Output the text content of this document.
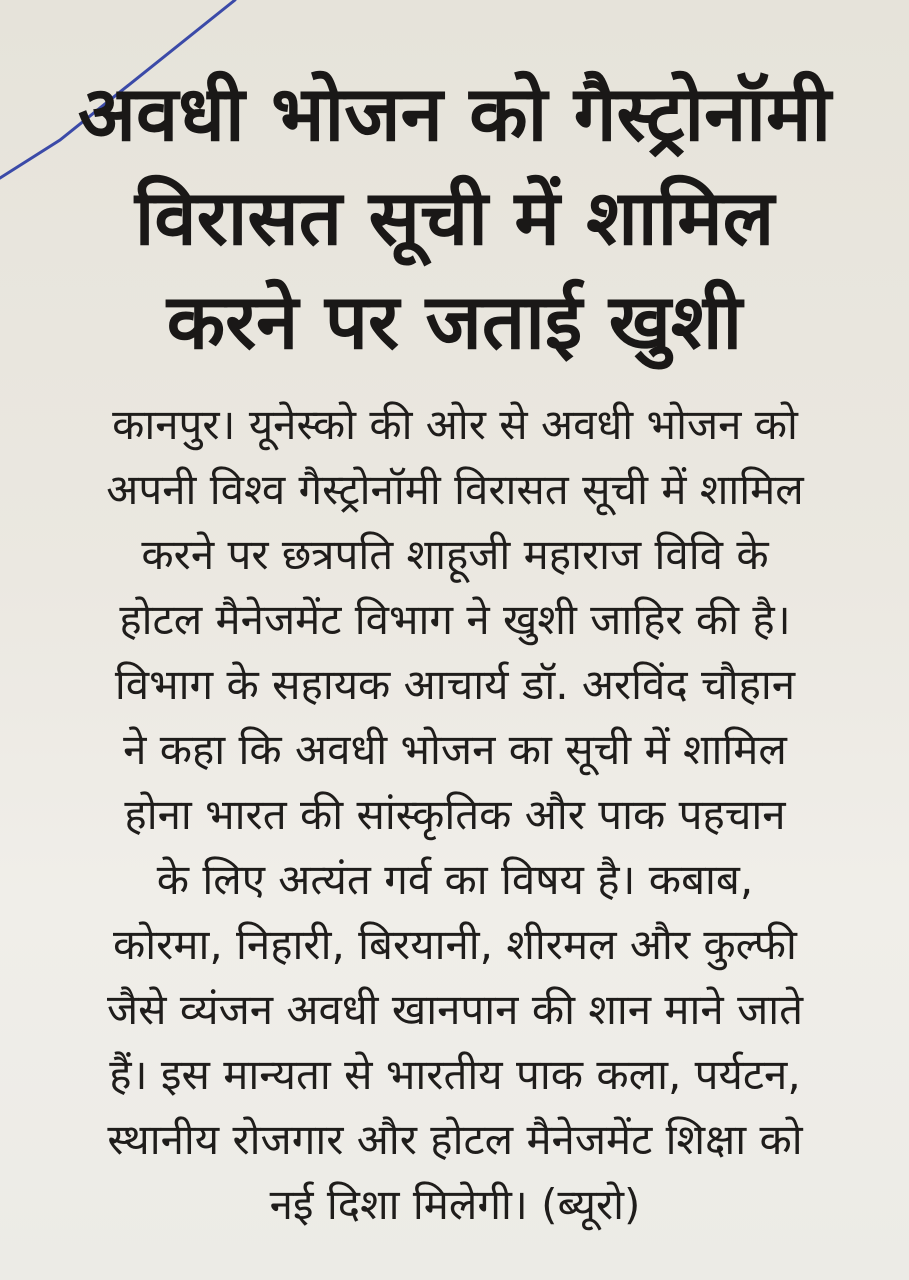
अवधी भोजन को गैस्ट्रोनॉमी
विरासत सूची में शामिल
करने पर जताई खुशी
कानपुर। यूनेस्को की ओर से अवधी भोजन को
अपनी विश्व गैस्ट्रोनॉमी विरासत सूची में शामिल
करने पर छत्रपति शाहूजी महाराज विवि के
होटल मैनेजमेंट विभाग ने खुशी जाहिर की है।
विभाग के सहायक आचार्य डॉ. अरविंद चौहान
ने कहा कि अवधी भोजन का सूची में शामिल
होना भारत की सांस्कृतिक और पाक पहचान
के लिए अत्यंत गर्व का विषय है। कबाब,
कोरमा, निहारी, बिरयानी, शीरमल और कुल्फी
जैसे व्यंजन अवधी खानपान की शान माने जाते
हैं। इस मान्यता से भारतीय पाक कला, पर्यटन,
स्थानीय रोजगार और होटल मैनेजमेंट शिक्षा को
नई दिशा मिलेगी। (ब्यूरो)
